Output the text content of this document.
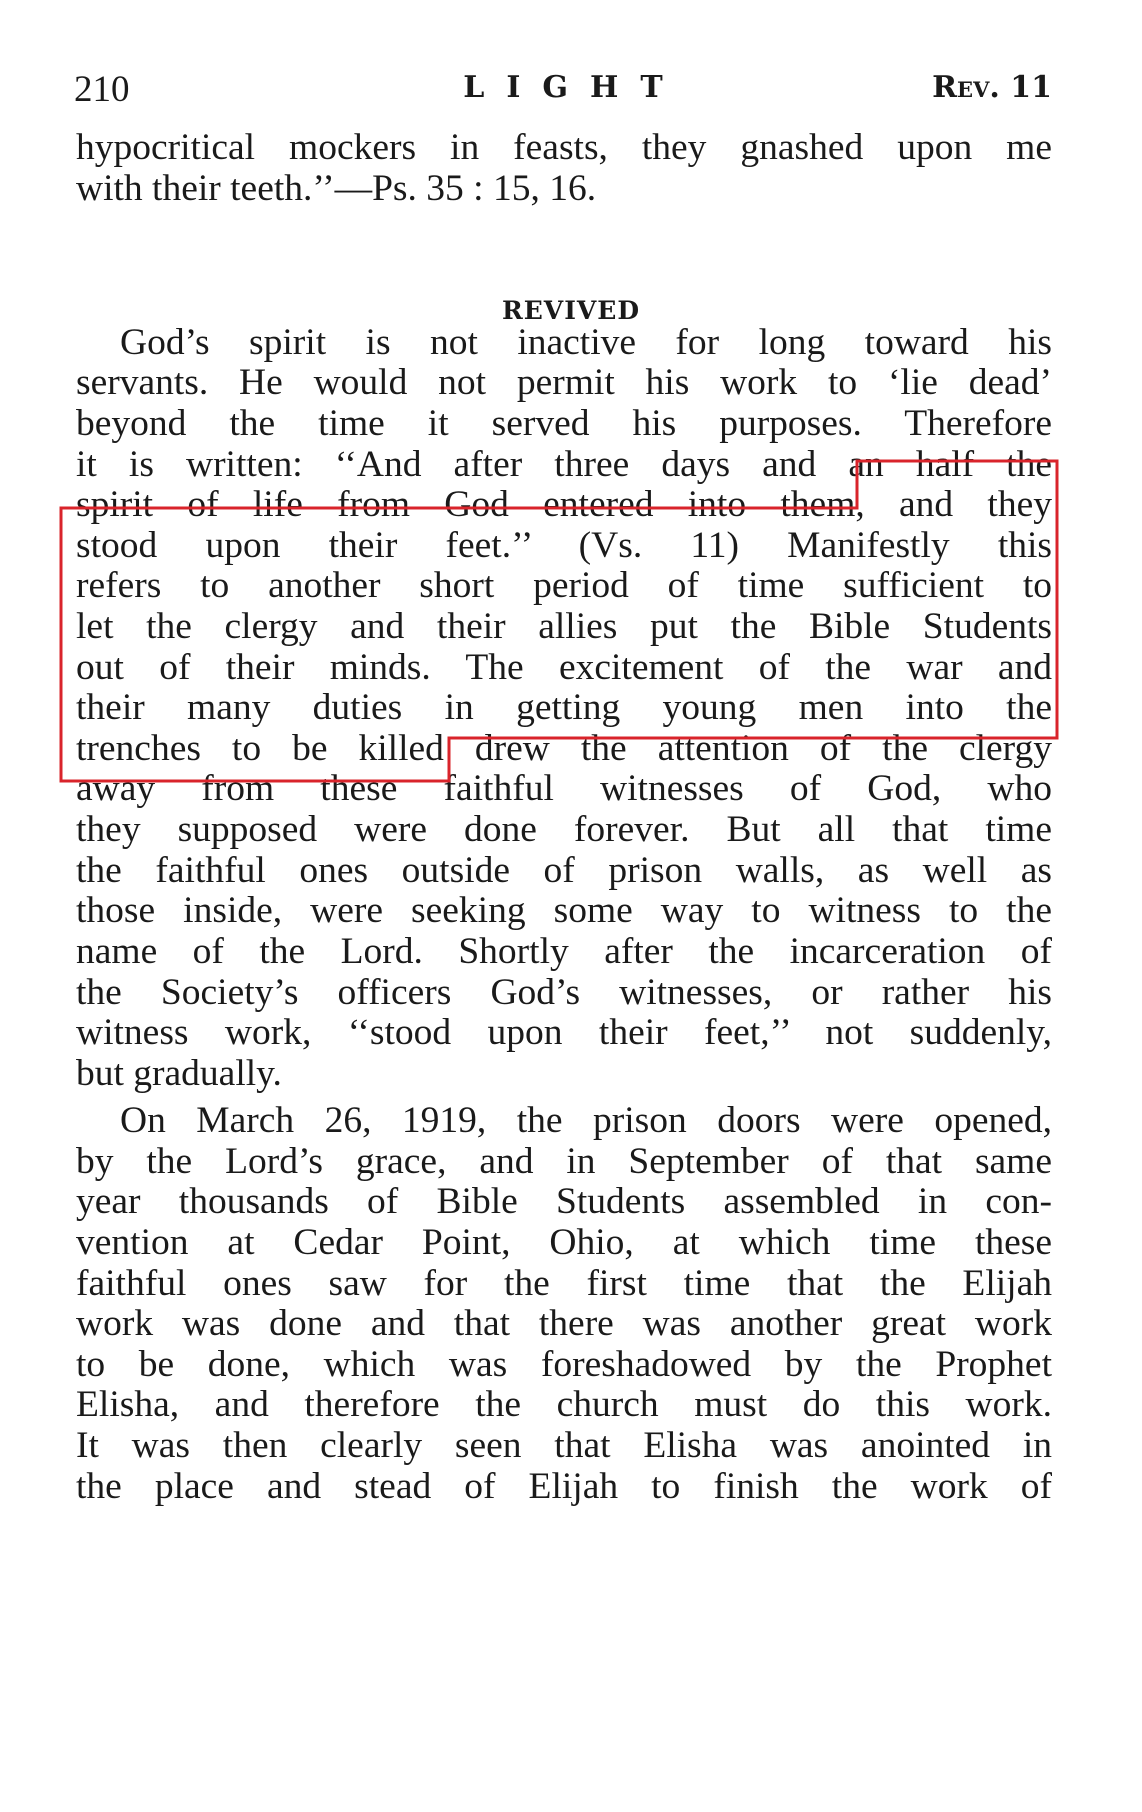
210	LIGHT	Rev. 11
hypocritical mockers in feasts, they gnashed upon me
with their teeth.’’—Ps. 35 : 15, 16.
REVIVED
God’s spirit is not inactive for long toward his
servants. He would not permit his work to ‘lie dead’
beyond the time it served his purposes. Therefore
it is written: ‘‘And after three days and an half the
spirit of life from God entered into them, and they
stood upon their feet.’’ (Vs. 11) Manifestly this
refers to another short period of time sufficient to
let the clergy and their allies put the Bible Students
out of their minds. The excitement of the war and
their many duties in getting young men into the
trenches to be killed drew the attention of the clergy
away from these faithful witnesses of God, who
they supposed were done forever. But all that time
the faithful ones outside of prison walls, as well as
those inside, were seeking some way to witness to the
name of the Lord. Shortly after the incarceration of
the Society’s officers God’s witnesses, or rather his
witness work, ‘‘stood upon their feet,’’ not suddenly,
but gradually.
On March 26, 1919, the prison doors were opened,
by the Lord’s grace, and in September of that same
year thousands of Bible Students assembled in con-
vention at Cedar Point, Ohio, at which time these
faithful ones saw for the first time that the Elijah
work was done and that there was another great work
to be done, which was foreshadowed by the Prophet
Elisha, and therefore the church must do this work.
It was then clearly seen that Elisha was anointed in
the place and stead of Elijah to finish the work of
